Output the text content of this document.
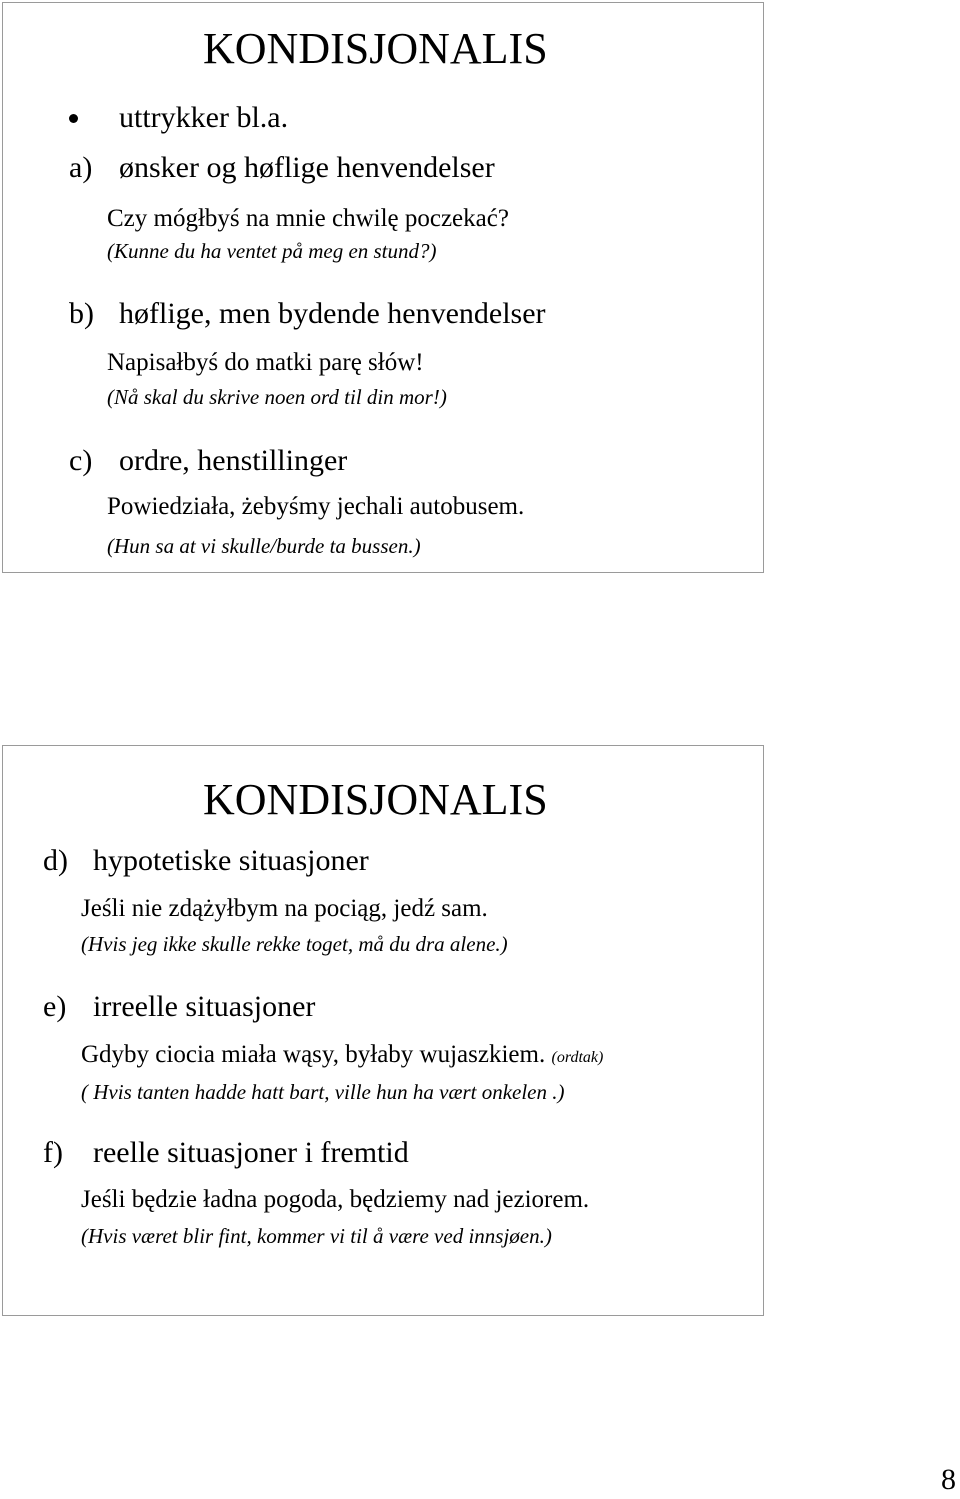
KONDISJONALIS
uttrykker bl.a.
a) ønsker og høflige henvendelser
Czy mógłbyś na mnie chwilę poczekać?
(Kunne du ha ventet på meg en stund?)
b) høflige, men bydende henvendelser
Napisałbyś do matki parę słów!
(Nå skal du skrive noen ord til din mor!)
c) ordre, henstillinger
Powiedziała, żebyśmy jechali autobusem.
(Hun sa at vi skulle/burde ta bussen.)
KONDISJONALIS
d) hypotetiske situasjoner
Jeśli nie zdążyłbym na pociąg, jedź sam.
(Hvis jeg ikke skulle rekke toget, må du dra alene.)
e) irreelle situasjoner
Gdyby ciocia miała wąsy, byłaby wujaszkiem. (ordtak)
( Hvis tanten hadde hatt bart, ville hun ha vært onkelen .)
f) reelle situasjoner i fremtid
Jeśli będzie ładna pogoda, będziemy nad jeziorem.
(Hvis været blir fint, kommer vi til å være ved innsjøen.)
8
